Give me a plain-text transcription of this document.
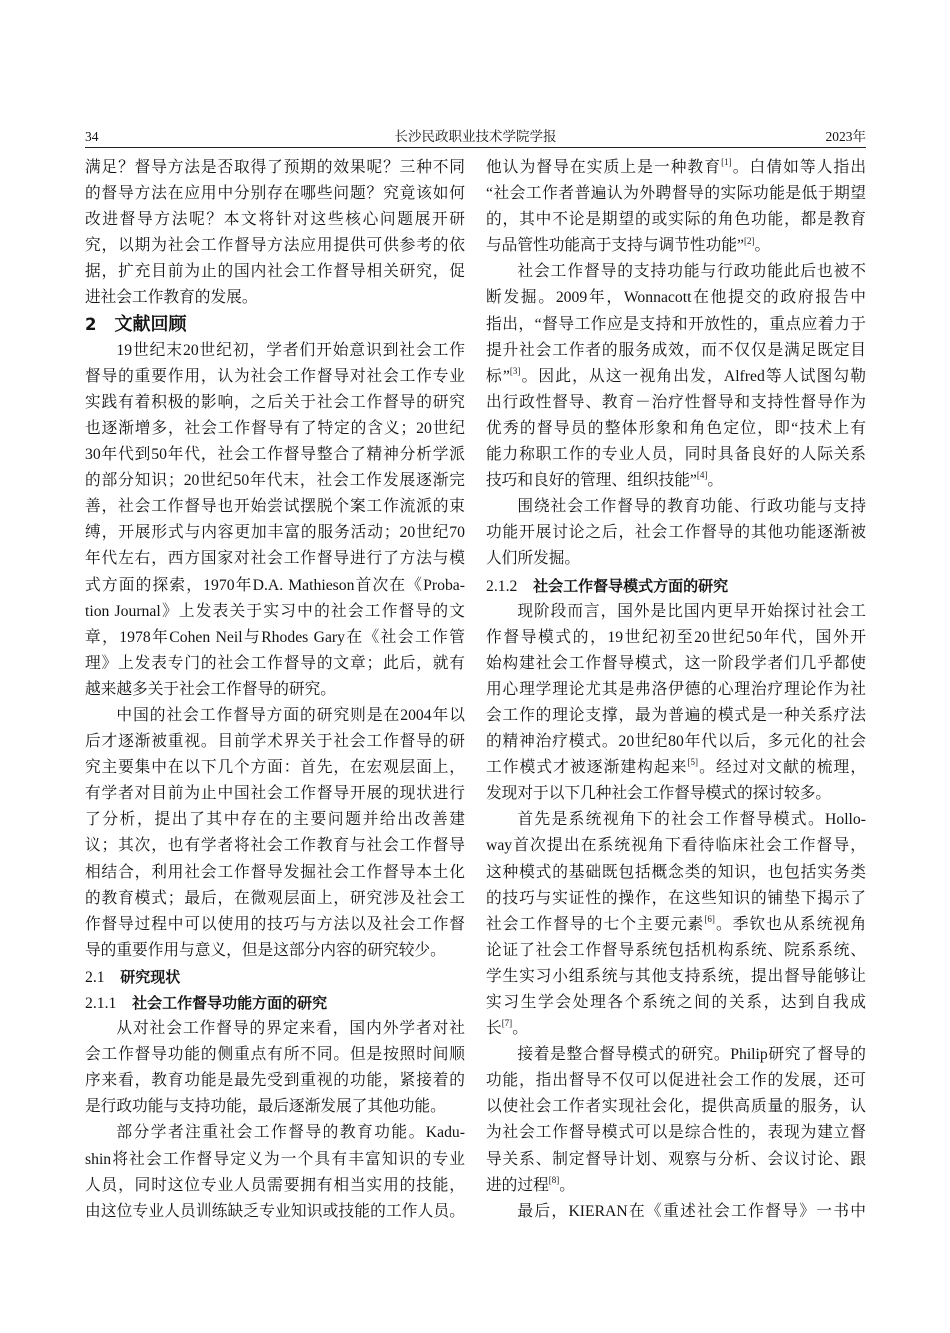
34	长沙民政职业技术学院学报	2023年
满足？督导方法是否取得了预期的效果呢？三种不同
的督导方法在应用中分别存在哪些问题？究竟该如何
改进督导方法呢？本文将针对这些核心问题展开研
究，以期为社会工作督导方法应用提供可供参考的依
据，扩充目前为止的国内社会工作督导相关研究，促
进社会工作教育的发展。
2 文献回顾
19世纪末20世纪初，学者们开始意识到社会工作
督导的重要作用，认为社会工作督导对社会工作专业
实践有着积极的影响，之后关于社会工作督导的研究
也逐渐增多，社会工作督导有了特定的含义；20世纪
30年代到50年代，社会工作督导整合了精神分析学派
的部分知识；20世纪50年代末，社会工作发展逐渐完
善，社会工作督导也开始尝试摆脱个案工作流派的束
缚，开展形式与内容更加丰富的服务活动；20世纪70
年代左右，西方国家对社会工作督导进行了方法与模
式方面的探索，1970年D.A. Mathieson首次在《Proba-
tion Journal》上发表关于实习中的社会工作督导的文
章，1978年Cohen Neil与Rhodes Gary在《社会工作管
理》上发表专门的社会工作督导的文章；此后，就有
越来越多关于社会工作督导的研究。
中国的社会工作督导方面的研究则是在2004年以
后才逐渐被重视。目前学术界关于社会工作督导的研
究主要集中在以下几个方面：首先，在宏观层面上，
有学者对目前为止中国社会工作督导开展的现状进行
了分析，提出了其中存在的主要问题并给出改善建
议；其次，也有学者将社会工作教育与社会工作督导
相结合，利用社会工作督导发掘社会工作督导本土化
的教育模式；最后，在微观层面上，研究涉及社会工
作督导过程中可以使用的技巧与方法以及社会工作督
导的重要作用与意义，但是这部分内容的研究较少。
2.1 研究现状
2.1.1 社会工作督导功能方面的研究
从对社会工作督导的界定来看，国内外学者对社
会工作督导功能的侧重点有所不同。但是按照时间顺
序来看，教育功能是最先受到重视的功能，紧接着的
是行政功能与支持功能，最后逐渐发展了其他功能。
部分学者注重社会工作督导的教育功能。Kadu-
shin将社会工作督导定义为一个具有丰富知识的专业
人员，同时这位专业人员需要拥有相当实用的技能，
由这位专业人员训练缺乏专业知识或技能的工作人员。
他认为督导在实质上是一种教育[1]。白倩如等人指出
“社会工作者普遍认为外聘督导的实际功能是低于期望
的，其中不论是期望的或实际的角色功能，都是教育
与品管性功能高于支持与调节性功能”[2]。
社会工作督导的支持功能与行政功能此后也被不
断发掘。2009年，Wonnacott在他提交的政府报告中
指出，“督导工作应是支持和开放性的，重点应着力于
提升社会工作者的服务成效，而不仅仅是满足既定目
标”[3]。因此，从这一视角出发，Alfred等人试图勾勒
出行政性督导、教育－治疗性督导和支持性督导作为
优秀的督导员的整体形象和角色定位，即“技术上有
能力称职工作的专业人员，同时具备良好的人际关系
技巧和良好的管理、组织技能”[4]。
围绕社会工作督导的教育功能、行政功能与支持
功能开展讨论之后，社会工作督导的其他功能逐渐被
人们所发掘。
2.1.2 社会工作督导模式方面的研究
现阶段而言，国外是比国内更早开始探讨社会工
作督导模式的，19世纪初至20世纪50年代，国外开
始构建社会工作督导模式，这一阶段学者们几乎都使
用心理学理论尤其是弗洛伊德的心理治疗理论作为社
会工作的理论支撑，最为普遍的模式是一种关系疗法
的精神治疗模式。20世纪80年代以后，多元化的社会
工作模式才被逐渐建构起来[5]。经过对文献的梳理，
发现对于以下几种社会工作督导模式的探讨较多。
首先是系统视角下的社会工作督导模式。Hollo-
way首次提出在系统视角下看待临床社会工作督导，
这种模式的基础既包括概念类的知识，也包括实务类
的技巧与实证性的操作，在这些知识的铺垫下揭示了
社会工作督导的七个主要元素[6]。季钦也从系统视角
论证了社会工作督导系统包括机构系统、院系系统、
学生实习小组系统与其他支持系统，提出督导能够让
实习生学会处理各个系统之间的关系，达到自我成
长[7]。
接着是整合督导模式的研究。Philip研究了督导的
功能，指出督导不仅可以促进社会工作的发展，还可
以使社会工作者实现社会化，提供高质量的服务，认
为社会工作督导模式可以是综合性的，表现为建立督
导关系、制定督导计划、观察与分析、会议讨论、跟
进的过程[8]。
最后，KIERAN在《重述社会工作督导》一书中
